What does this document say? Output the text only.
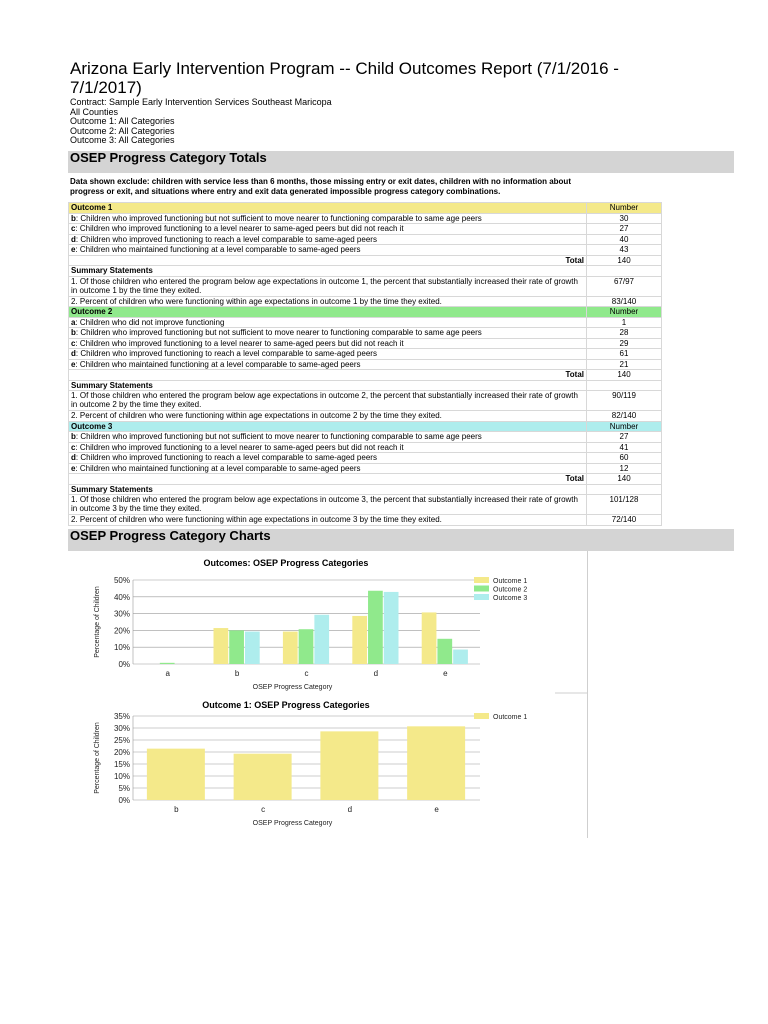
Arizona Early Intervention Program -- Child Outcomes Report (7/1/2016 - 7/1/2017)
Contract: Sample Early Intervention Services Southeast Maricopa
All Counties
Outcome 1: All Categories
Outcome 2: All Categories
Outcome 3: All Categories
OSEP Progress Category Totals
Data shown exclude: children with service less than 6 months, those missing entry or exit dates, children with no information about
progress or exit, and situations where entry and exit data generated impossible progress category combinations.
Outcome 1	Number
b: Children who improved functioning but not sufficient to move nearer to functioning comparable to same age peers	30
c: Children who improved functioning to a level nearer to same-aged peers but did not reach it	27
d: Children who improved functioning to reach a level comparable to same-aged peers	40
e: Children who maintained functioning at a level comparable to same-aged peers	43
Total	140
Summary Statements	
1. Of those children who entered the program below age expectations in outcome 1, the percent that substantially increased their rate of growth in outcome 1 by the time they exited.	67/97
2. Percent of children who were functioning within age expectations in outcome 1 by the time they exited.	83/140
Outcome 2	Number
a: Children who did not improve functioning	1
b: Children who improved functioning but not sufficient to move nearer to functioning comparable to same age peers	28
c: Children who improved functioning to a level nearer to same-aged peers but did not reach it	29
d: Children who improved functioning to reach a level comparable to same-aged peers	61
e: Children who maintained functioning at a level comparable to same-aged peers	21
Total	140
Summary Statements	
1. Of those children who entered the program below age expectations in outcome 2, the percent that substantially increased their rate of growth in outcome 2 by the time they exited.	90/119
2. Percent of children who were functioning within age expectations in outcome 2 by the time they exited.	82/140
Outcome 3	Number
b: Children who improved functioning but not sufficient to move nearer to functioning comparable to same age peers	27
c: Children who improved functioning to a level nearer to same-aged peers but did not reach it	41
d: Children who improved functioning to reach a level comparable to same-aged peers	60
e: Children who maintained functioning at a level comparable to same-aged peers	12
Total	140
Summary Statements	
1. Of those children who entered the program below age expectations in outcome 3, the percent that substantially increased their rate of growth in outcome 3 by the time they exited.	101/128
2. Percent of children who were functioning within age expectations in outcome 3 by the time they exited.	72/140
OSEP Progress Category Charts
Outcomes: OSEP Progress Categories
0%
10%
20%
30%
40%
50%
a	b	c	d	e
OSEP Progress Category
Percentage of Children
Outcome 1
Outcome 2
Outcome 3
Outcome 1: OSEP Progress Categories
0%
5%
10%
15%
20%
25%
30%
35%
b	c	d	e
OSEP Progress Category
Percentage of Children
Outcome 1
